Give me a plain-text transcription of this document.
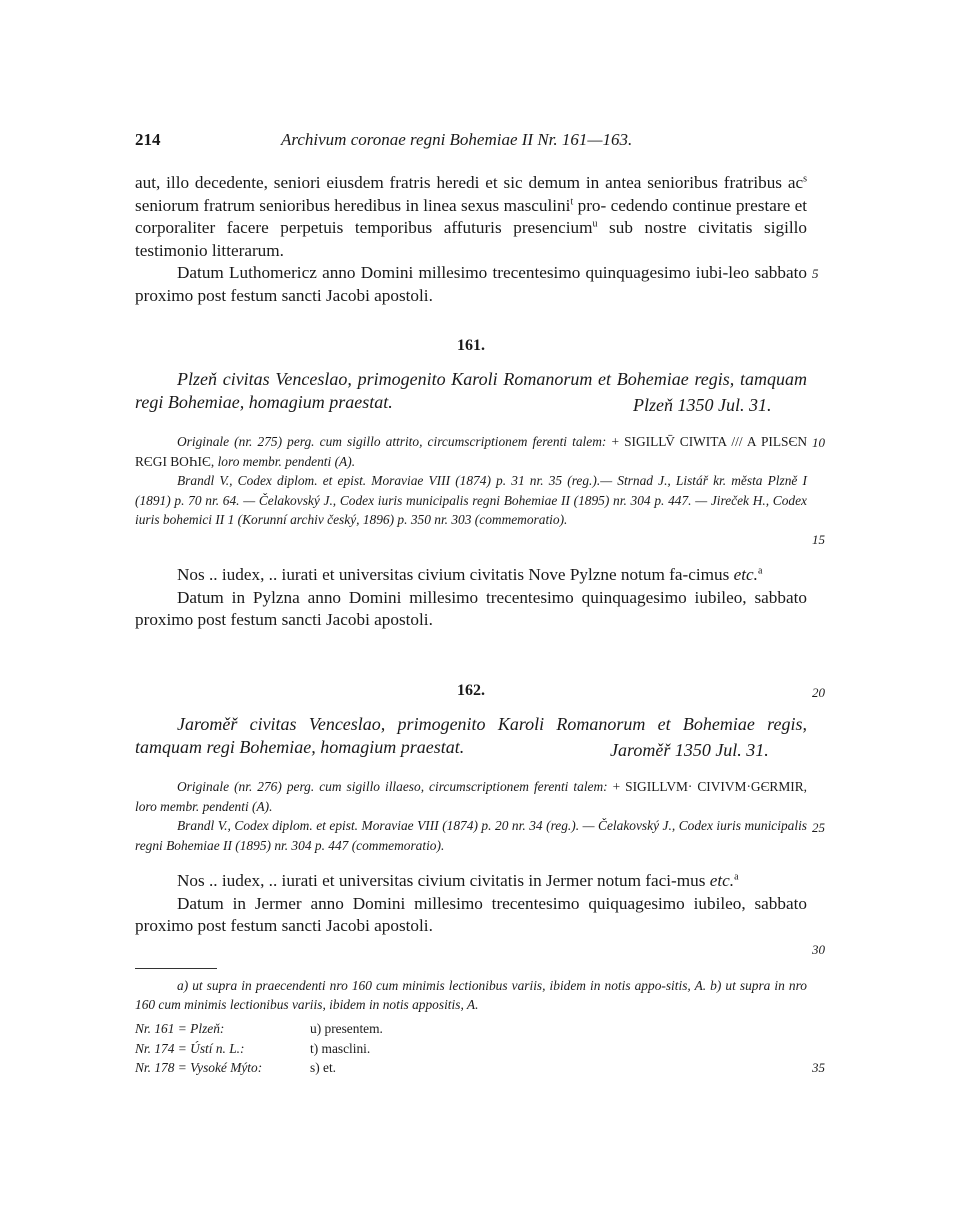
214	Archivum coronae regni Bohemiae II Nr. 161—163.
aut, illo decedente, seniori eiusdem fratris heredi et sic demum in antea senioribus fratribus $ac^s$ seniorum fratrum senioribus heredibus in linea sexus masculini$^t$ pro- cedendo continue prestare et corporaliter facere perpetuis temporibus affuturis presencium$^u$ sub nostre civitatis sigillo testimonio litterarum.
Datum Luthomericz anno Domini millesimo trecentesimo quinquagesimo iubi-leo sabbato proximo post festum sancti Jacobi apostoli.
161.
Plzeň civitas Venceslao, primogenito Karoli Romanorum et Bohemiae regis, tamquam regi Bohemiae, homagium praestat.	Plzeň 1350 Jul. 31.
Originale (nr. 275) perg. cum sigillo attrito, circumscriptionem ferenti talem: + SIGILLV̄ CIWITA /// A PILSЄN RЄGI BOҺIЄ, loro membr. pendenti (A).
Brandl V., Codex diplom. et epist. Moraviae VIII (1874) p. 31 nr. 35 (reg.).— Strnad J., Listář kr. města Plzně I (1891) p. 70 nr. 64. — Čelakovský J., Codex iuris municipalis regni Bohemiae II (1895) nr. 304 p. 447. — Jireček H., Codex iuris bohemici II 1 (Korunní archiv český, 1896) p. 350 nr. 303 (commemoratio).
Nos .. iudex, .. iurati et universitas civium civitatis Nove Pylzne notum fa-cimus etc.$^a$
Datum in Pylzna anno Domini millesimo trecentesimo quinquagesimo iubileo, sabbato proximo post festum sancti Jacobi apostoli.
162.
Jaroměř civitas Venceslao, primogenito Karoli Romanorum et Bohemiae regis, tamquam regi Bohemiae, homagium praestat.	Jaroměř 1350 Jul. 31.
Originale (nr. 276) perg. cum sigillo illaeso, circumscriptionem ferenti talem: + SIGILLVM· CIVIVM·GЄRMIR, loro membr. pendenti (A).
Brandl V., Codex diplom. et epist. Moraviae VIII (1874) p. 20 nr. 34 (reg.). — Čelakovský J., Codex iuris municipalis regni Bohemiae II (1895) nr. 304 p. 447 (commemoratio).
Nos .. iudex, .. iurati et universitas civium civitatis in Jermer notum faci-mus etc.$^a$
Datum in Jermer anno Domini millesimo trecentesimo quiquagesimo iubileo, sabbato proximo post festum sancti Jacobi apostoli.
a) ut supra in praecendenti nro 160 cum minimis lectionibus variis, ibidem in notis appo-sitis, A. b) ut supra in nro 160 cum minimis lectionibus variis, ibidem in notis appositis, A.
Nr. 161 = Plzeň:	u) presentem.
Nr. 174 = Ústí n. L.:	t) masclini.
Nr. 178 = Vysoké Mýto:	s) et.
5
10
15
20
25
30
35
